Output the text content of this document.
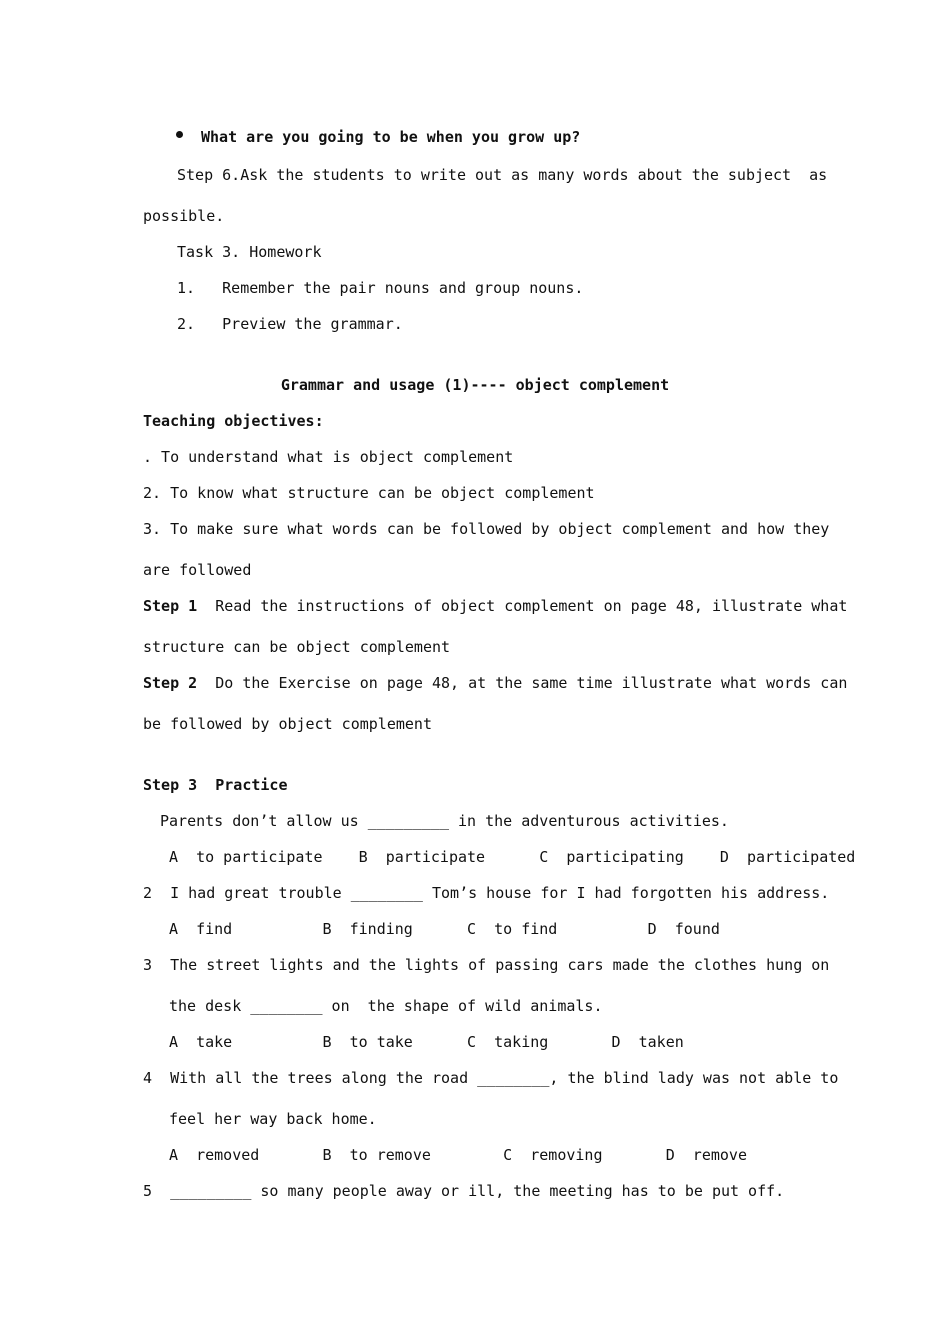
What are you going to be when you grow up?
Step 6.Ask the students to write out as many words about the subject  as
possible.
Task 3. Homework
1.   Remember the pair nouns and group nouns.
2.   Preview the grammar.
Grammar and usage (1)---- object complement
Teaching objectives:
. To understand what is object complement
2. To know what structure can be object complement
3. To make sure what words can be followed by object complement and how they
are followed
Step 1  Read the instructions of object complement on page 48, illustrate what
structure can be object complement
Step 2  Do the Exercise on page 48, at the same time illustrate what words can
be followed by object complement
Step 3  Practice
Parents don’t allow us _________ in the adventurous activities.
A  to participate    B  participate      C  participating    D  participated
2  I had great trouble ________ Tom’s house for I had forgotten his address.
A  find          B  finding      C  to find          D  found
3  The street lights and the lights of passing cars made the clothes hung on
the desk ________ on  the shape of wild animals.
A  take          B  to take      C  taking       D  taken
4  With all the trees along the road ________, the blind lady was not able to
feel her way back home.
A  removed       B  to remove        C  removing       D  remove
5  _________ so many people away or ill, the meeting has to be put off.
